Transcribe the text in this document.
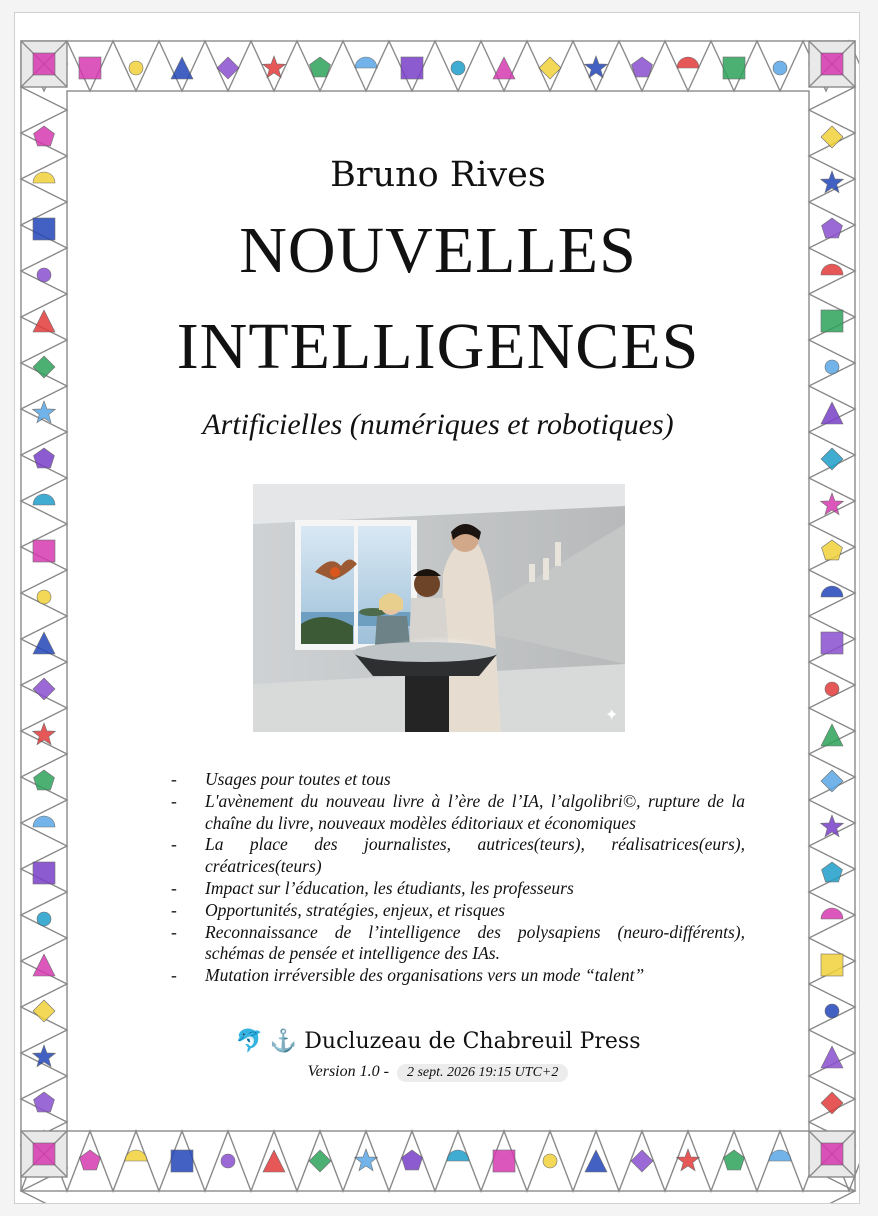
Bruno Rives
NOUVELLES
INTELLIGENCES
Artificielles (numériques et robotiques)
✦
- Usages pour toutes et tous
- L'avènement du nouveau livre à l’ère de l’IA, l’algolibri©, rupture de la chaîne du livre, nouveaux modèles éditoriaux et économiques
- La place des journalistes, autrices(teurs), réalisatrices(eurs), créatrices(teurs)
- Impact sur l’éducation, les étudiants, les professeurs
- Opportunités, stratégies, enjeux, et risques
- Reconnaissance de l’intelligence des polysapiens (neuro-différents), schémas de pensée et intelligence des IAs.
- Mutation irréversible des organisations vers un mode “talent”
🐬 ⚓ Ducluzeau de Chabreuil Press
Version 1.0 - 2 sept. 2026 19:15 UTC+2
